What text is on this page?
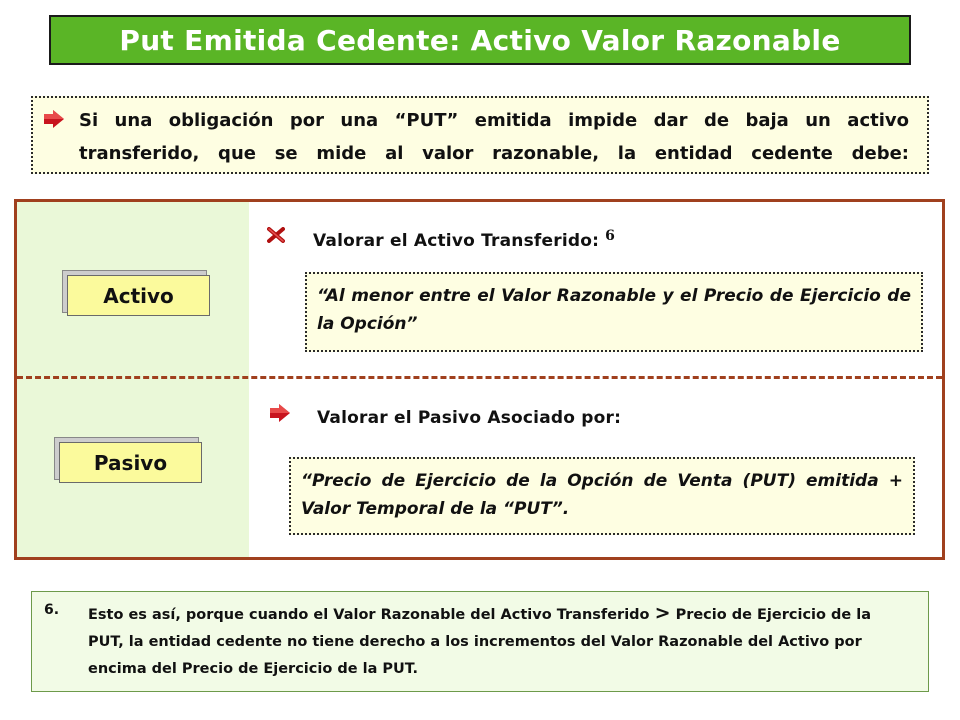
Put Emitida Cedente: Activo Valor Razonable
Si una obligación por una “PUT” emitida impide dar de baja un activo transferido, que se mide al valor razonable, la entidad cedente debe:
Activo
Valorar el Activo Transferido: $^6$
“Al menor entre el Valor Razonable y el Precio de Ejercicio de la Opción”
Pasivo
Valorar el Pasivo Asociado por:
“Precio de Ejercicio de la Opción de Venta (PUT) emitida + Valor Temporal de la “PUT”.
6. Esto es así, porque cuando el Valor Razonable del Activo Transferido > Precio de Ejercicio de la PUT, la entidad cedente no tiene derecho a los incrementos del Valor Razonable del Activo por encima del Precio de Ejercicio de la PUT.
